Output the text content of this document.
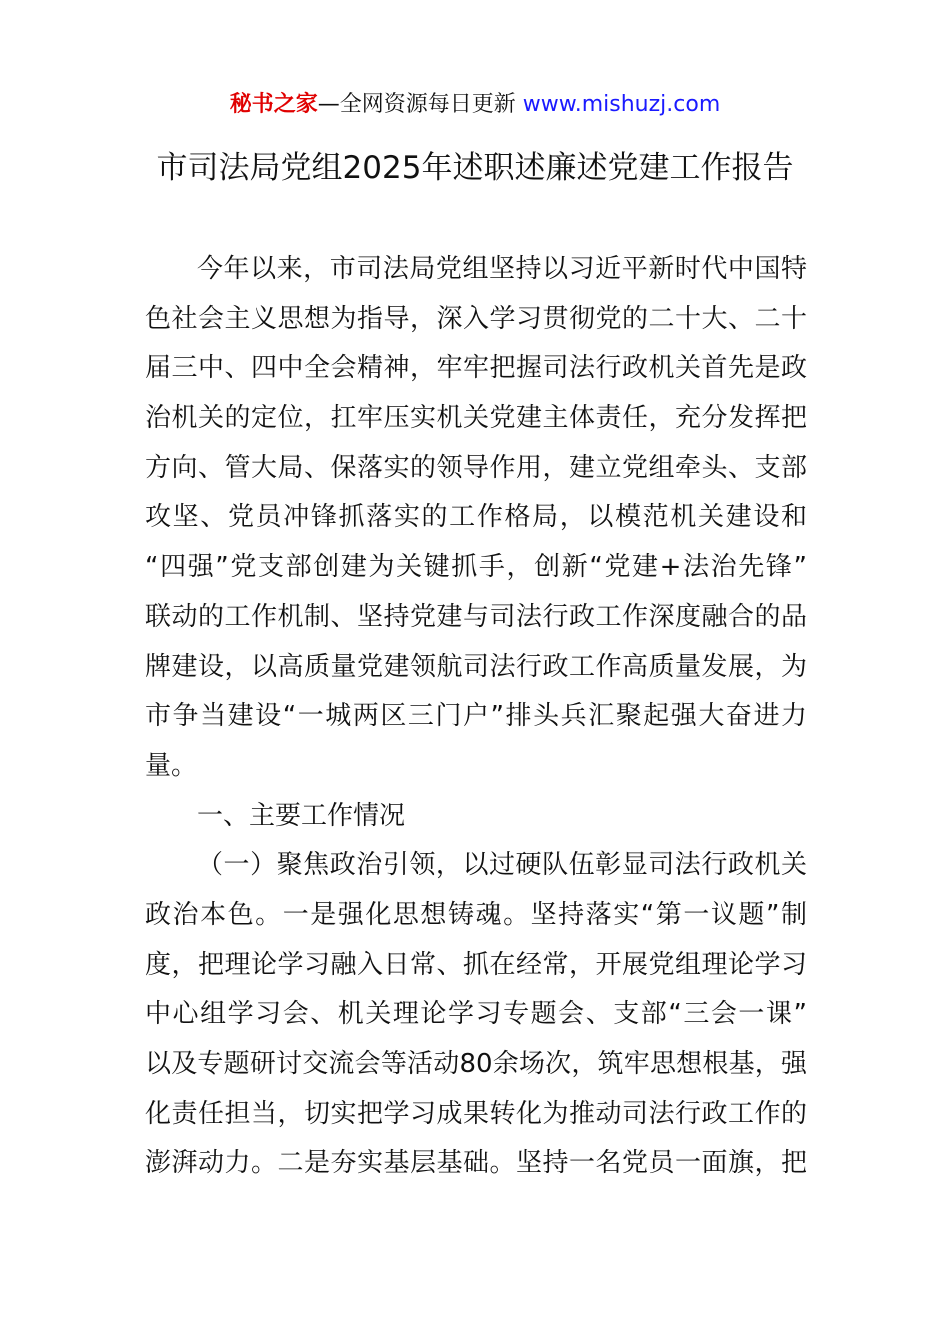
秘书之家—全网资源每日更新 www.mishuzj.com
市司法局党组2025年述职述廉述党建工作报告
今年以来，市司法局党组坚持以习近平新时代中国特
色社会主义思想为指导，深入学习贯彻党的二十大、二十
届三中、四中全会精神，牢牢把握司法行政机关首先是政
治机关的定位，扛牢压实机关党建主体责任，充分发挥把
方向、管大局、保落实的领导作用，建立党组牵头、支部
攻坚、党员冲锋抓落实的工作格局，以模范机关建设和
“四强”党支部创建为关键抓手，创新“党建+法治先锋”
联动的工作机制、坚持党建与司法行政工作深度融合的品
牌建设，以高质量党建领航司法行政工作高质量发展，为
市争当建设“一城两区三门户”排头兵汇聚起强大奋进力
量。
一、主要工作情况
（一）聚焦政治引领，以过硬队伍彰显司法行政机关
政治本色。一是强化思想铸魂。坚持落实“第一议题”制
度，把理论学习融入日常、抓在经常，开展党组理论学习
中心组学习会、机关理论学习专题会、支部“三会一课”
以及专题研讨交流会等活动80余场次，筑牢思想根基，强
化责任担当，切实把学习成果转化为推动司法行政工作的
澎湃动力。二是夯实基层基础。坚持一名党员一面旗，把
